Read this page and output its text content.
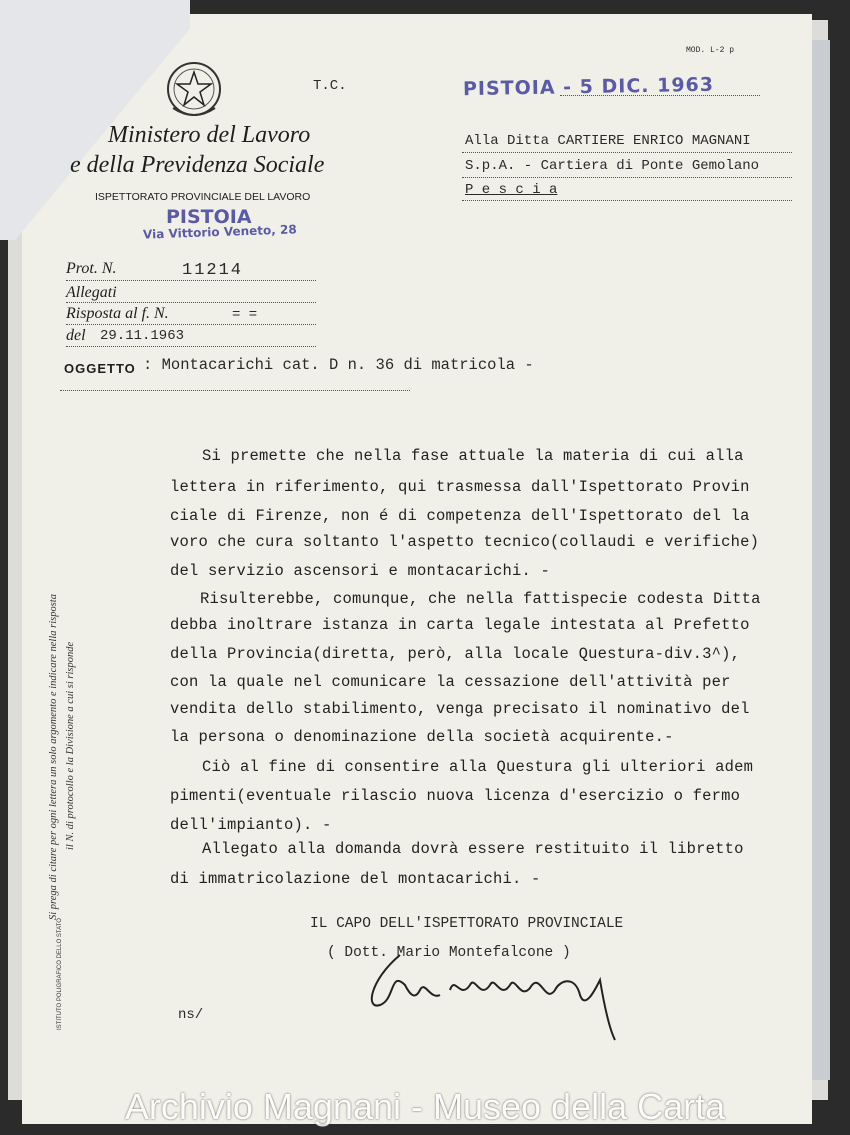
MOD. L-2 p
T.C.	PISTOIA - 5 DIC. 1963
Ministero del Lavoro
e della Previdenza Sociale
ISPETTORATO PROVINCIALE DEL LAVORO
PISTOIA
Via Vittorio Veneto, 28
Alla Ditta CARTIERE ENRICO MAGNANI
S.p.A. - Cartiera di Ponte Gemolano
P e s c i a
Prot. N.	11214
Allegati
Risposta al f. N.	= =
del 29.11.1963
OGGETTO : Montacarichi cat. D n. 36 di matricola -
Si premette che nella fase attuale la materia di cui alla
lettera in riferimento, qui trasmessa dall'Ispettorato Provin
ciale di Firenze, non é di competenza dell'Ispettorato del la
voro che cura soltanto l'aspetto tecnico(collaudi e verifiche)
del servizio ascensori e montacarichi. -
Risulterebbe, comunque, che nella fattispecie codesta Ditta
debba inoltrare istanza in carta legale intestata al Prefetto
della Provincia(diretta, però, alla locale Questura-div.3^),
con la quale nel comunicare la cessazione dell'attività per
vendita dello stabilimento, venga precisato il nominativo del
la persona o denominazione della società acquirente.-
Ciò al fine di consentire alla Questura gli ulteriori adem
pimenti(eventuale rilascio nuova licenza d'esercizio o fermo
dell'impianto). -
Allegato alla domanda dovrà essere restituito il libretto
di immatricolazione del montacarichi. -
IL CAPO DELL'ISPETTORATO PROVINCIALE
( Dott. Mario Montefalcone )
ns/
Si prega di citare per ogni lettera un solo argomento e indicare nella risposta il N. di protocollo e la Divisione a cui si risponde
ISTITUTO POLIGRAFICO DELLO STATO
Archivio Magnani - Museo della Carta
